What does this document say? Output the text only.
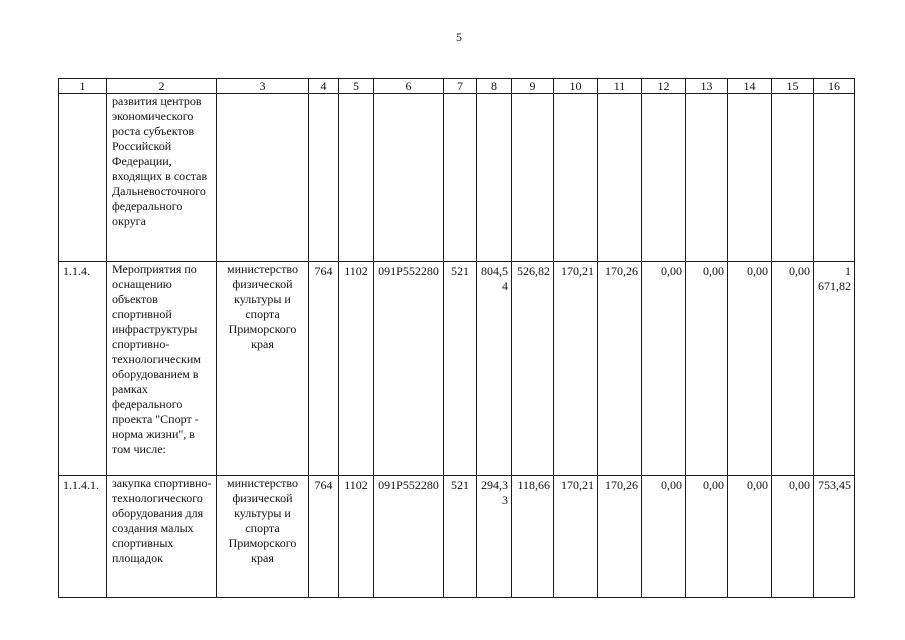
5
1	2	3	4	5	6	7	8	9	10	11	12	13	14	15	16
	развития центров экономического роста субъектов Российской Федерации, входящих в состав Дальневосточного федерального округа														
1.1.4.	Мероприятия по оснащению объектов спортивной инфраструктуры спортивно-технологическим оборудованием в рамках федерального проекта "Спорт - норма жизни", в том числе:	министерство физической культуры и спорта Приморского края	764	1102	091Р552280	521	804,54	526,82	170,21	170,26	0,00	0,00	0,00	0,00	1 671,82
1.1.4.1.	закупка спортивно-технологического оборудования для создания малых спортивных площадок	министерство физической культуры и спорта Приморского края	764	1102	091Р552280	521	294,33	118,66	170,21	170,26	0,00	0,00	0,00	0,00	753,45
